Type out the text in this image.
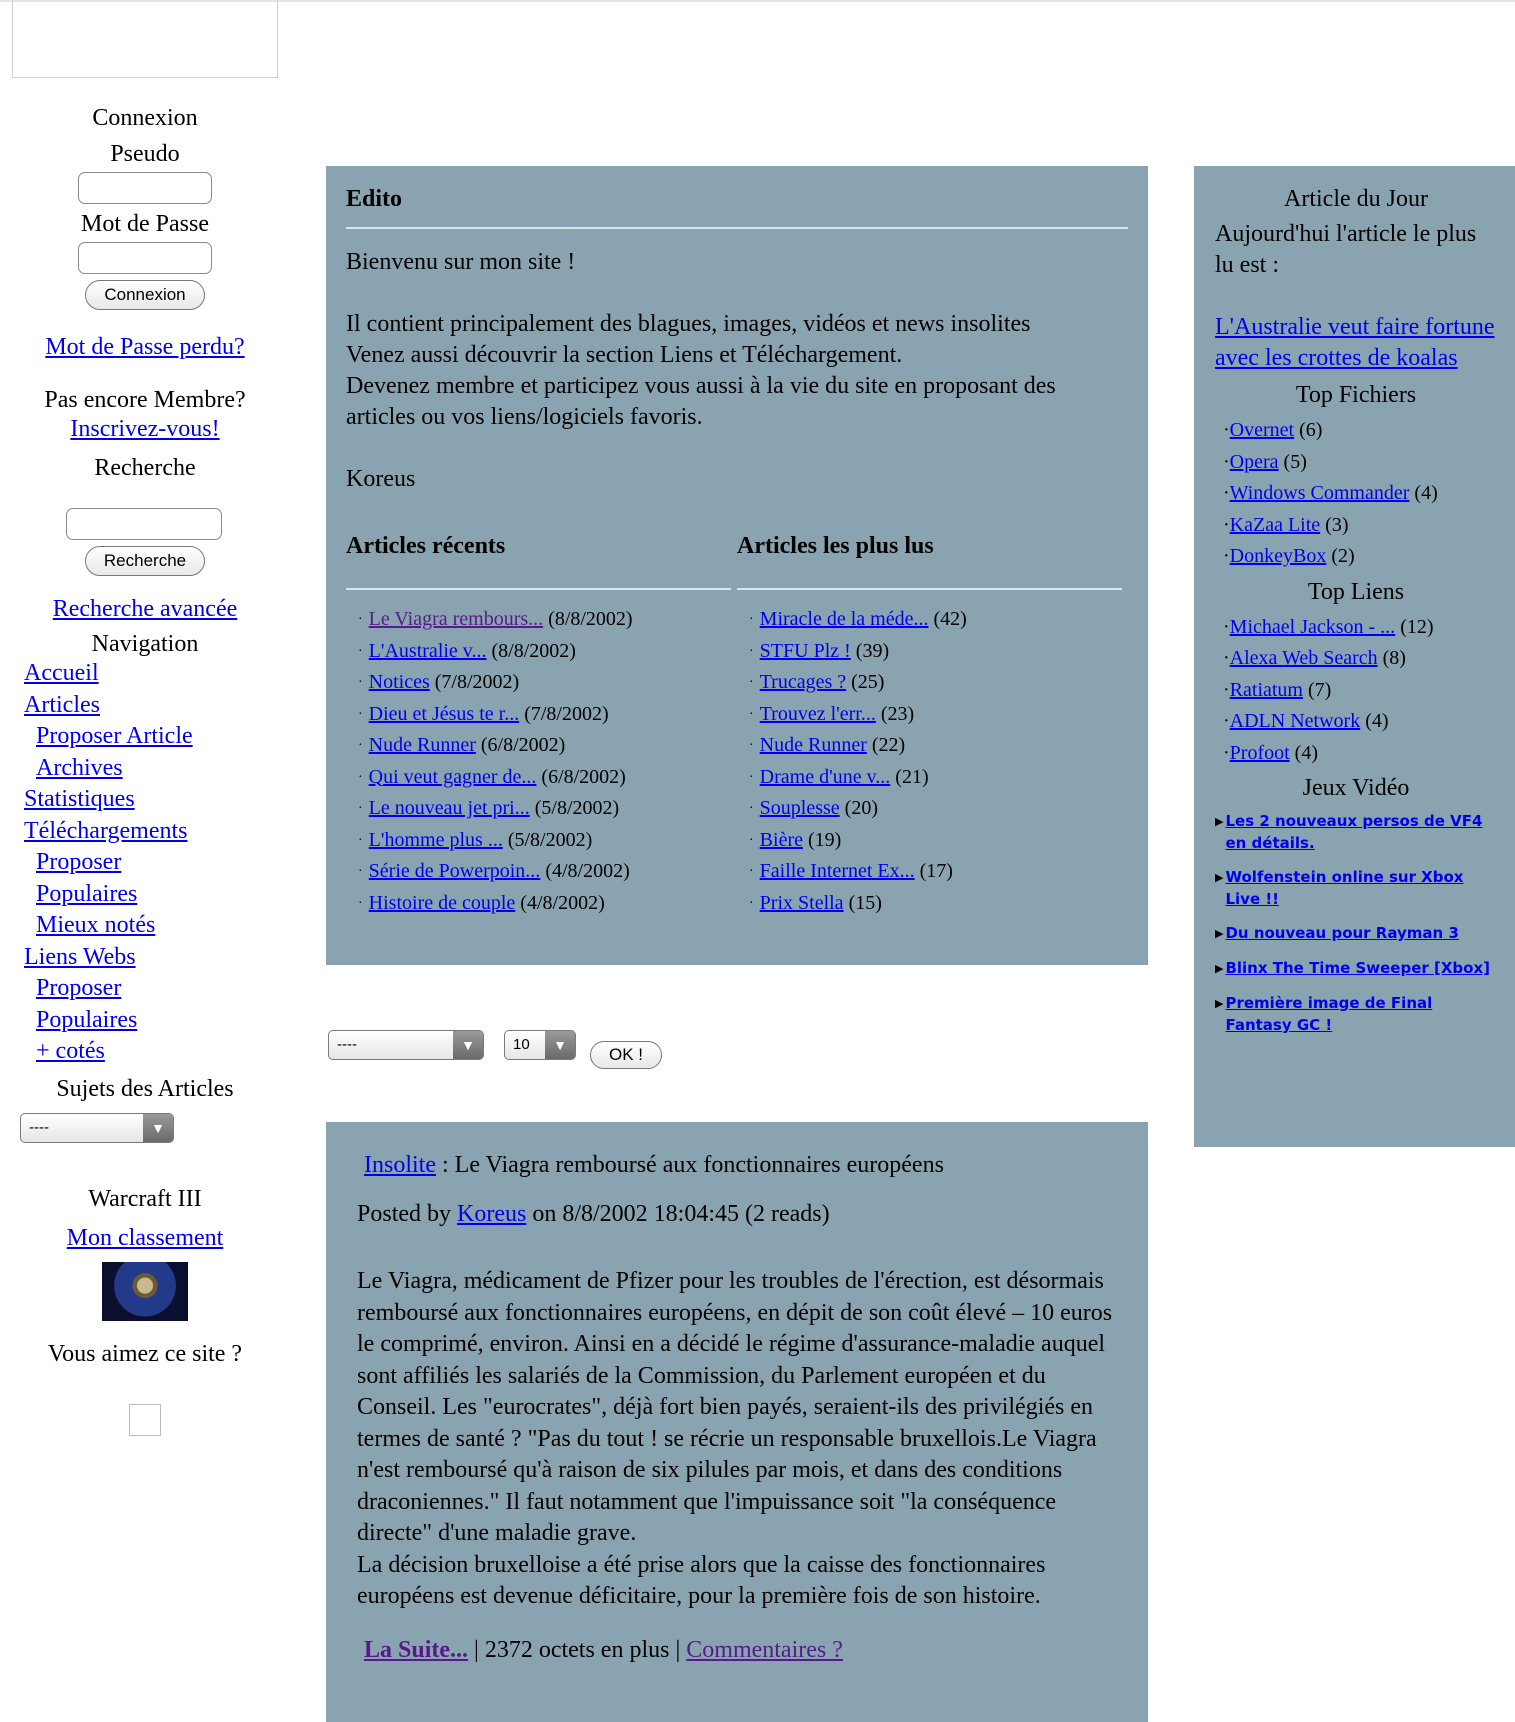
Connexion
Pseudo
Mot de Passe
Connexion
Mot de Passe perdu?
Pas encore Membre?
Inscrivez-vous!
Recherche
Recherche
Recherche avancée
Navigation
Accueil
Articles
Proposer Article
Archives
Statistiques
Téléchargements
Proposer
Populaires
Mieux notés
Liens Webs
Proposer
Populaires
+ cotés
Sujets des Articles
----	▼
Warcraft III
Mon classement
Vous aimez ce site ?
Edito

Bienvenu sur mon site !

Il contient principalement des blagues, images, vidéos et news insolites

Venez aussi découvrir la section Liens et Téléchargement.

Devenez membre et participez vous aussi à la vie du site en proposant des articles ou vos liens/logiciels favoris.

Koreus

Articles récents
· Le Viagra rembours... (8/8/2002)
· L'Australie v... (8/8/2002)
· Notices (7/8/2002)
· Dieu et Jésus te r... (7/8/2002)
· Nude Runner (6/8/2002)
· Qui veut gagner de... (6/8/2002)
· Le nouveau jet pri... (5/8/2002)
· L'homme plus ... (5/8/2002)
· Série de Powerpoin... (4/8/2002)
· Histoire de couple (4/8/2002)
Articles les plus lus
· Miracle de la méde... (42)
· STFU Plz ! (39)
· Trucages ? (25)
· Trouvez l'err... (23)
· Nude Runner (22)
· Drame d'une v... (21)
· Souplesse (20)
· Bière (19)
· Faille Internet Ex... (17)
· Prix Stella (15)
----	▼
	10	▼	OK !
Insolite : Le Viagra remboursé aux fonctionnaires européens
Posted by Koreus on 8/8/2002 18:04:45 (2 reads)
Le Viagra, médicament de Pfizer pour les troubles de l'érection, est désormais remboursé aux fonctionnaires européens, en dépit de son coût élevé – 10 euros le comprimé, environ. Ainsi en a décidé le régime d'assurance-maladie auquel sont affiliés les salariés de la Commission, du Parlement européen et du Conseil. Les "eurocrates", déjà fort bien payés, seraient-ils des privilégiés en termes de santé ? "Pas du tout ! se récrie un responsable bruxellois.Le Viagra n'est remboursé qu'à raison de six pilules par mois, et dans des conditions draconiennes." Il faut notamment que l'impuissance soit "la conséquence directe" d'une maladie grave.
La décision bruxelloise a été prise alors que la caisse des fonctionnaires européens est devenue déficitaire, pour la première fois de son histoire.
La Suite... | 2372 octets en plus | Commentaires ?
Article du Jour
Aujourd'hui l'article le plus lu est :
L'Australie veut faire fortune avec les crottes de koalas
Top Fichiers
·Overnet (6)
·Opera (5)
·Windows Commander (4)
·KaZaa Lite (3)
·DonkeyBox (2)
Top Liens
·Michael Jackson - ... (12)
·Alexa Web Search (8)
·Ratiatum (7)
·ADLN Network (4)
·Profoot (4)
Jeux Vidéo
▶ Les 2 nouveaux persos de VF4 en détails.
▶ Wolfenstein online sur Xbox Live !!
▶ Du nouveau pour Rayman 3
▶ Blinx The Time Sweeper [Xbox]
▶ Première image de Final Fantasy GC !
